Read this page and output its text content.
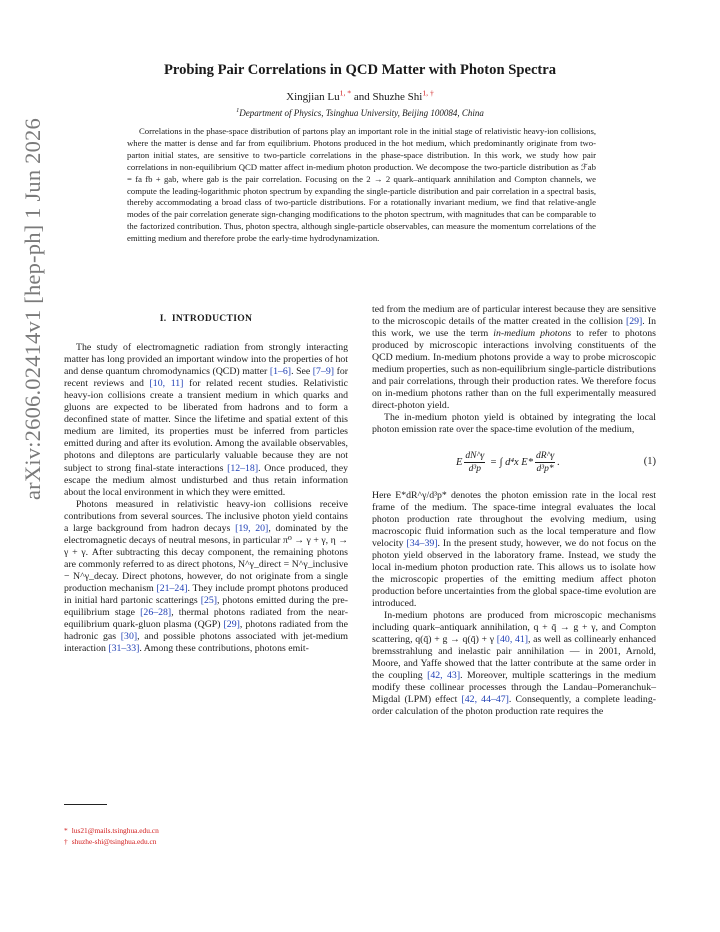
arXiv:2606.02414v1 [hep-ph] 1 Jun 2026
Probing Pair Correlations in QCD Matter with Photon Spectra
Xingjian $Lu^{1, *}$ and Shuzhe Shi$^{1, \dagger}$
$^1$Department of Physics, Tsinghua University, Beijing 100084, China

Correlations in the phase-space distribution of partons play an important role in the initial stage of relativistic heavy-ion collisions, where the matter is dense and far from equilibrium. Photons produced in the hot medium, which predominantly originate from two-parton initial states, are sensitive to two-particle correlations in the phase-space distribution. In this work, we study how pair correlations in non-equilibrium QCD matter affect in-medium photon production. We decompose the two-particle distribution as ℱab = fa fb + gab, where gab is the pair correlation. Focusing on the 2 → 2 quark–antiquark annihilation and Compton channels, we compute the leading-logarithmic photon spectrum by expanding the single-particle distribution and pair correlation in a spectral basis, thereby accommodating a broad class of two-particle distributions. For a rotationally invariant medium, we find that relative-angle modes of the pair correlation generate sign-changing modifications to the photon spectrum, with magnitudes that can be comparable to the factorized contribution. Thus, photon spectra, although single-particle observables, can measure the momentum correlations of the emitting medium and therefore probe the early-time hydrodynamization.

I. INTRODUCTION

The study of electromagnetic radiation from strongly interacting matter has long provided an important window into the properties of hot and dense quantum chromodynamics (QCD) matter [1–6]. See [7–9] for recent reviews and [10, 11] for related recent studies. Relativistic heavy-ion collisions create a transient medium in which quarks and gluons are expected to be liberated from hadrons and to form a deconfined state of matter. Since the lifetime and spatial extent of this medium are limited, its properties must be inferred from particles emitted during and after its evolution. Among the available observables, photons and dileptons are particularly valuable because they are not subject to strong final-state interactions [12–18]. Once produced, they escape the medium almost undisturbed and thus retain information about the local environment in which they were emitted.

Photons measured in relativistic heavy-ion collisions receive contributions from several sources. The inclusive photon yield contains a large background from hadron decays [19, 20], dominated by the electromagnetic decays of neutral mesons, in particular π⁰ → γ + γ, η → γ + γ. After subtracting this decay component, the remaining photons are commonly referred to as direct photons, N^γ_direct = N^γ_inclusive − N^γ_decay. Direct photons, however, do not originate from a single production mechanism [21–24]. They include prompt photons produced in initial hard partonic scatterings [25], photons emitted during the pre-equilibrium stage [26–28], thermal photons radiated from the near-equilibrium quark-gluon plasma (QGP) [29], photons radiated from the hadronic gas [30], and possible photons associated with jet-medium interaction [31–33]. Among these contributions, photons emit-

ted from the medium are of particular interest because they are sensitive to the microscopic details of the matter created in the collision [29]. In this work, we use the term in-medium photons to refer to photons produced by microscopic interactions involving constituents of the QCD medium. In-medium photons provide a way to probe microscopic medium properties, such as non-equilibrium single-particle distributions and pair correlations, through their production rates. We therefore focus on in-medium photons rather than on the full experimentally measured direct-photon yield.

The in-medium photon yield is obtained by integrating the local photon emission rate over the space-time evolution of the medium,

E $\frac{dN\^{}\gamma}{\text{d³p}}$ = ∫ d⁴x $E* \frac{dR\^{}\gamma}{\text{d³p*}}$ .	(1)

Here E*dR^γ/d³p* denotes the photon emission rate in the local rest frame of the medium. The space-time integral evaluates the local photon production rate throughout the evolving medium, using macroscopic fluid information such as the local temperature and flow velocity [34–39]. In the present study, however, we do not focus on the photon yield observed in the laboratory frame. Instead, we study the local in-medium photon production rate. This allows us to isolate how the microscopic properties of the emitting medium affect photon production before uncertainties from the global space-time evolution are introduced.

In-medium photons are produced from microscopic mechanisms including quark–antiquark annihilation, q + q̄ → g + γ, and Compton scattering, q(q̄) + g → q(q̄) + γ [40, 41], as well as collinearly enhanced bremsstrahlung and inelastic pair annihilation — in 2001, Arnold, Moore, and Yaffe showed that the latter contribute at the same order in the coupling [42, 43]. Moreover, multiple scatterings in the medium modify these collinear processes through the Landau–Pomeranchuk–Migdal (LPM) effect [42, 44–47]. Consequently, a complete leading-order calculation of the photon production rate requires the

* lus21@mails.tsinghua.edu.cn
† shuzhe-shi@tsinghua.edu.cn
